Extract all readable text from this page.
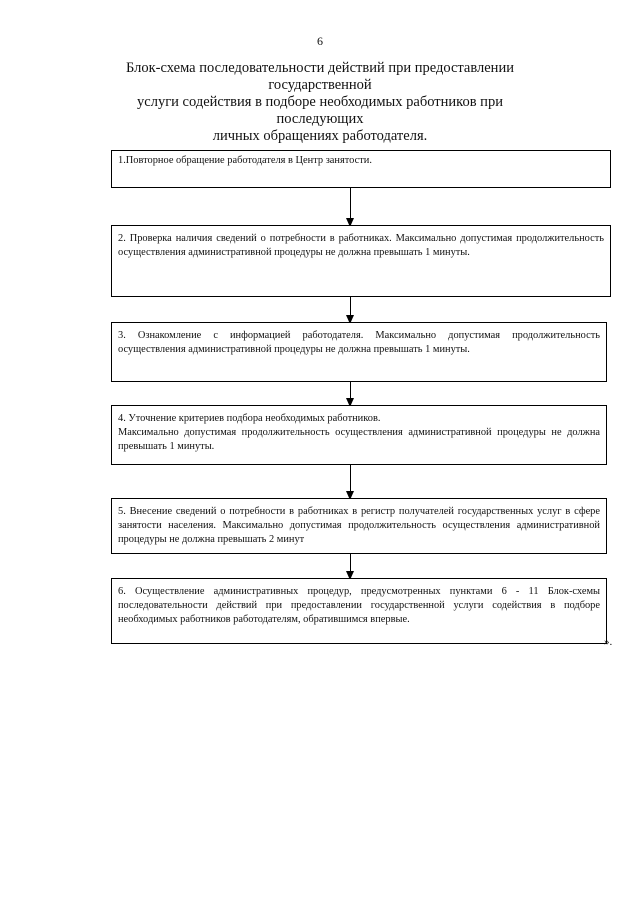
6
Блок-схема последовательности действий при предоставлении государственной
услуги содействия в подборе необходимых работников при последующих
личных обращениях работодателя.
1.Повторное обращение работодателя в Центр занятости.
2. Проверка наличия сведений о потребности в работниках. Максимально допустимая продолжительность осуществления административной процедуры не должна превышать 1 минуты.
3. Ознакомление с информацией работодателя. Максимально допустимая продолжительность осуществления административной процедуры не должна превышать 1 минуты.
4. Уточнение критериев подбора необходимых работников.
Максимально допустимая продолжительность осуществления административной процедуры не должна превышать 1 минуты.
5. Внесение сведений о потребности в работниках в регистр получателей государственных услуг в сфере занятости населения. Максимально допустимая продолжительность осуществления административной процедуры не должна превышать 2 минут
6. Осуществление административных процедур, предусмотренных пунктами 6 - 11 Блок-схемы последовательности действий при предоставлении государственной услуги содействия в подборе необходимых работников работодателям, обратившимся впервые.
».
